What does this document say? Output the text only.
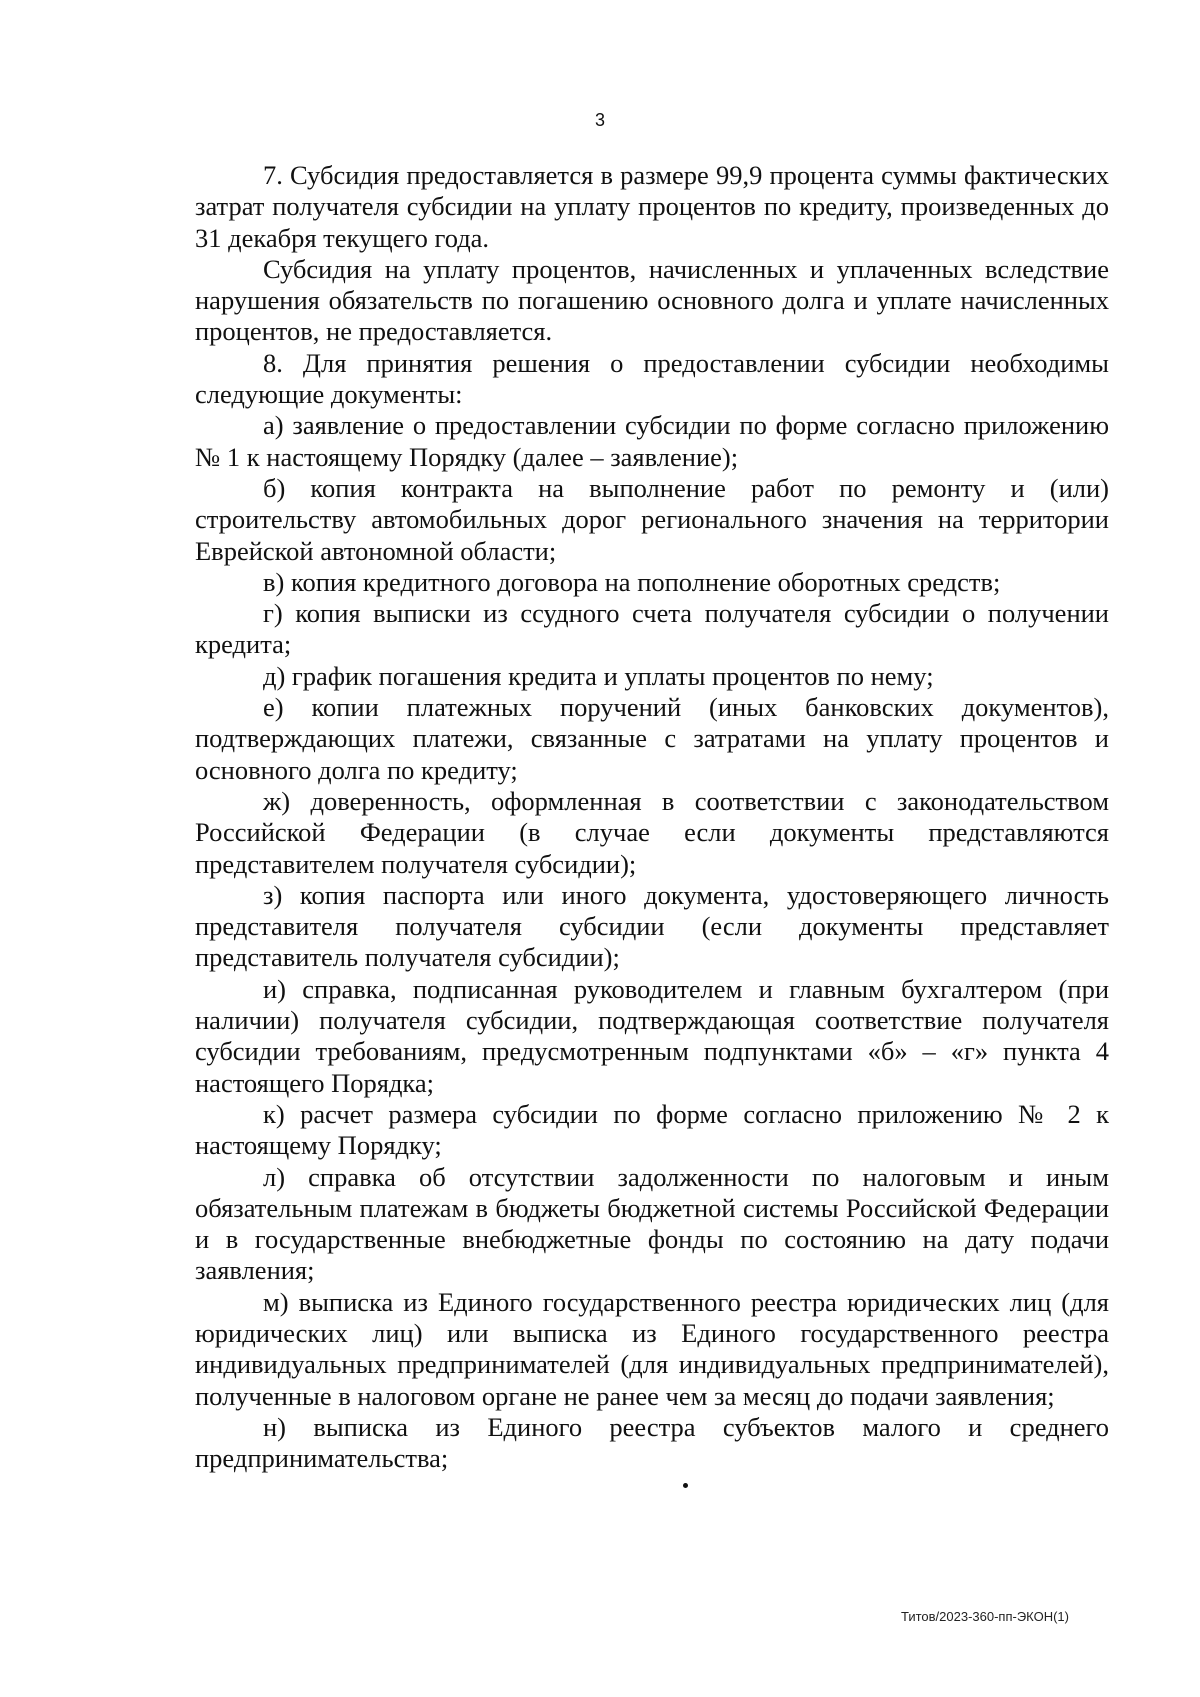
3

7. Субсидия предоставляется в размере 99,9 процента суммы фактических затрат получателя субсидии на уплату процентов по кредиту, произведенных до 31 декабря текущего года.

Субсидия на уплату процентов, начисленных и уплаченных вследствие нарушения обязательств по погашению основного долга и уплате начисленных процентов, не предоставляется.

8. Для принятия решения о предоставлении субсидии необходимы следующие документы:

а) заявление о предоставлении субсидии по форме согласно приложению № 1 к настоящему Порядку (далее – заявление);

б) копия контракта на выполнение работ по ремонту и (или) строительству автомобильных дорог регионального значения на территории Еврейской автономной области;

в) копия кредитного договора на пополнение оборотных средств;

г) копия выписки из ссудного счета получателя субсидии о получении кредита;

д) график погашения кредита и уплаты процентов по нему;

е) копии платежных поручений (иных банковских документов), подтверждающих платежи, связанные с затратами на уплату процентов и основного долга по кредиту;

ж) доверенность, оформленная в соответствии с законодательством Российской Федерации (в случае если документы представляются представителем получателя субсидии);

з) копия паспорта или иного документа, удостоверяющего личность представителя получателя субсидии (если документы представляет представитель получателя субсидии);

и) справка, подписанная руководителем и главным бухгалтером (при наличии) получателя субсидии, подтверждающая соответствие получателя субсидии требованиям, предусмотренным подпунктами «б» – «г» пункта 4 настоящего Порядка;

к) расчет размера субсидии по форме согласно приложению № 2 к настоящему Порядку;

л) справка об отсутствии задолженности по налоговым и иным обязательным платежам в бюджеты бюджетной системы Российской Федерации и в государственные внебюджетные фонды по состоянию на дату подачи заявления;

м) выписка из Единого государственного реестра юридических лиц (для юридических лиц) или выписка из Единого государственного реестра индивидуальных предпринимателей (для индивидуальных предпринимателей), полученные в налоговом органе не ранее чем за месяц до подачи заявления;

н) выписка из Единого реестра субъектов малого и среднего предпринимательства;

Титов/2023-360-пп-ЭКОН(1)
